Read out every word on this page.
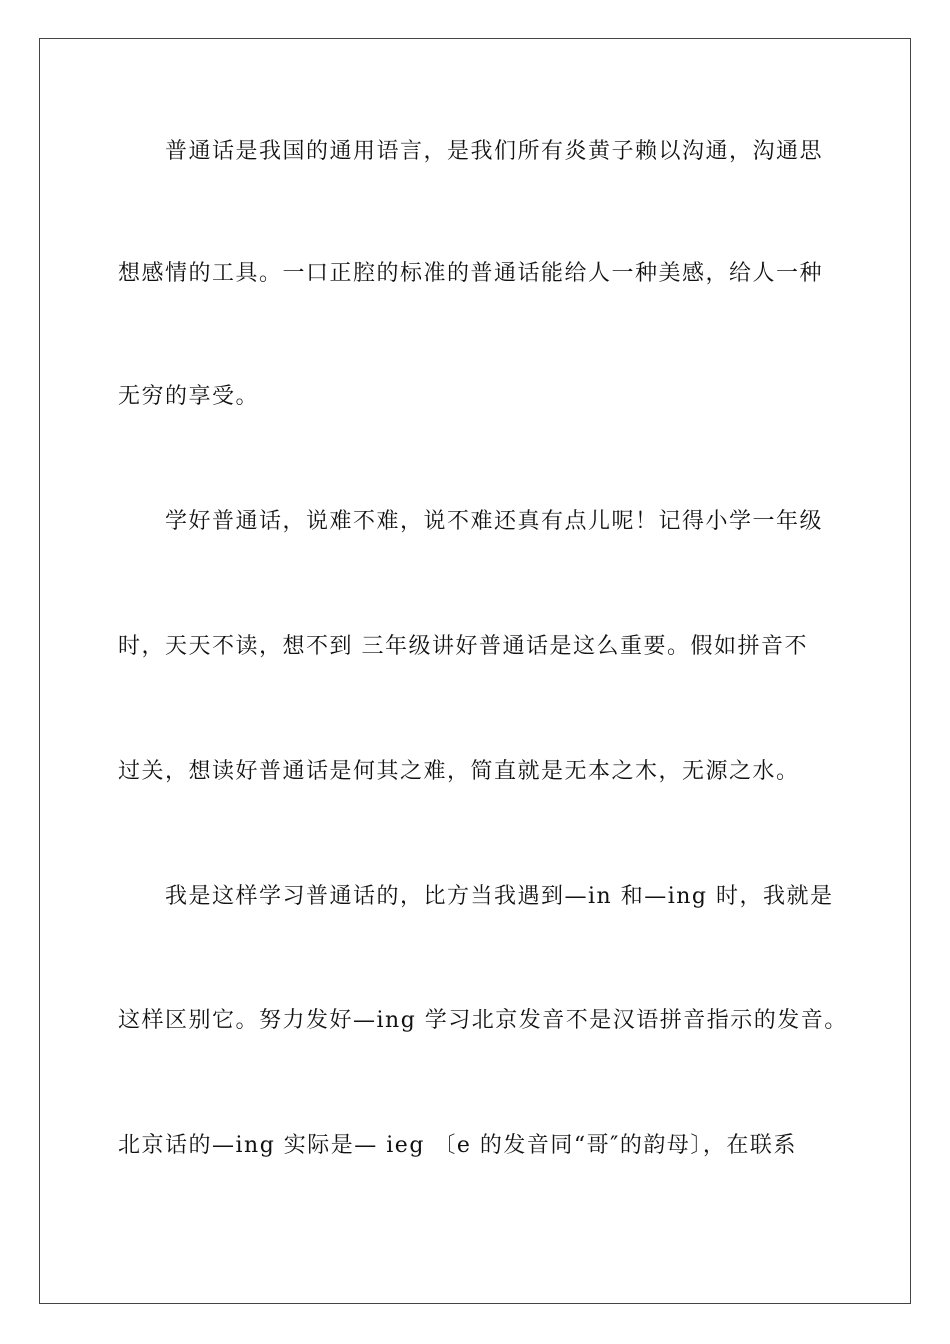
普通话是我国的通用语言，是我们所有炎黄子赖以沟通，沟通思
想感情的工具。一口正腔的标准的普通话能给人一种美感，给人一种
无穷的享受。
学好普通话，说难不难，说不难还真有点儿呢！记得小学一年级
时，天天不读，想不到 三年级讲好普通话是这么重要。假如拼音不
过关，想读好普通话是何其之难，简直就是无本之木，无源之水。
我是这样学习普通话的，比方当我遇到—in 和—ing 时，我就是
这样区别它。努力发好—ing 学习北京发音不是汉语拼音指示的发音。
北京话的—ing 实际是— ieg 〔e 的发音同“哥″的韵母〕，在联系
